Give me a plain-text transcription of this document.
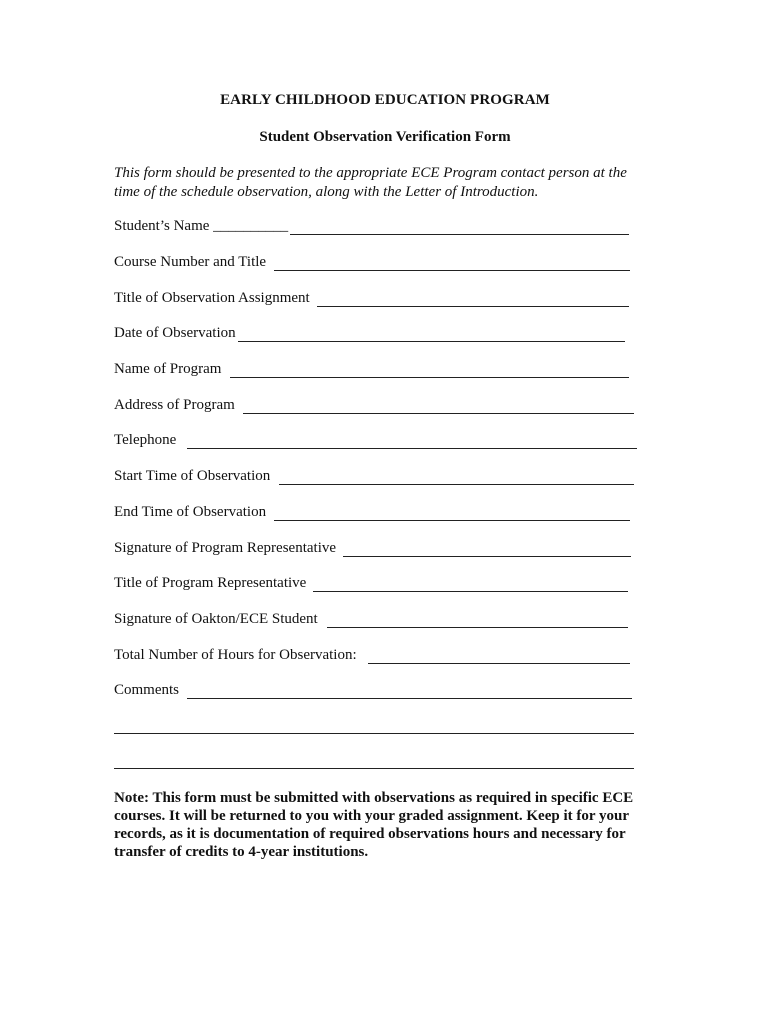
EARLY CHILDHOOD EDUCATION PROGRAM
Student Observation Verification Form
This form should be presented to the appropriate ECE Program contact person at the time of the schedule observation, along with the Letter of Introduction.
Student’s Name __________
Course Number and Title
Title of Observation Assignment
Date of Observation
Name of Program
Address of Program
Telephone
Start Time of Observation
End Time of Observation
Signature of Program Representative
Title of Program Representative
Signature of Oakton/ECE Student
Total Number of Hours for Observation:
Comments
Note: This form must be submitted with observations as required in specific ECE courses. It will be returned to you with your graded assignment. Keep it for your records, as it is documentation of required observations hours and necessary for transfer of credits to 4-year institutions.
